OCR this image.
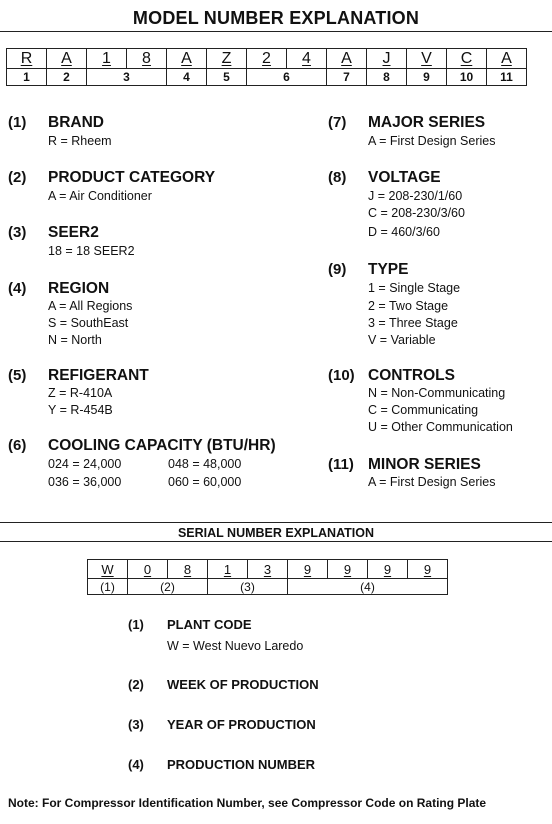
MODEL NUMBER EXPLANATION
R	A	1	8	A	Z	2	4	A	J	V	C	A
1	2	3		4	5	6		7	8	9	10	11
(1) BRAND
R = Rheem
(2) PRODUCT CATEGORY
A = Air Conditioner
(3) SEER2
18 = 18 SEER2
(4) REGION
A = All Regions
S = SouthEast
N = North
(5) REFIGERANT
Z = R-410A
Y = R-454B
(6) COOLING CAPACITY (BTU/HR)
024 = 24,000
036 = 36,000
048 = 48,000
060 = 60,000
(7) MAJOR SERIES
A = First Design Series
(8) VOLTAGE
J = 208-230/1/60
C = 208-230/3/60
D = 460/3/60
(9) TYPE
1 = Single Stage
2 = Two Stage
3 = Three Stage
V = Variable
(10) CONTROLS
N = Non-Communicating
C = Communicating
U = Other Communication
(11) MINOR SERIES
A = First Design Series
SERIAL NUMBER EXPLANATION
W	0	8	1	3	9	9	9	9
(1)	(2)		(3)		(4)			
(1) PLANT CODE
W = West Nuevo Laredo
(2) WEEK OF PRODUCTION
(3) YEAR OF PRODUCTION
(4) PRODUCTION NUMBER
Note: For Compressor Identification Number, see Compressor Code on Rating Plate
